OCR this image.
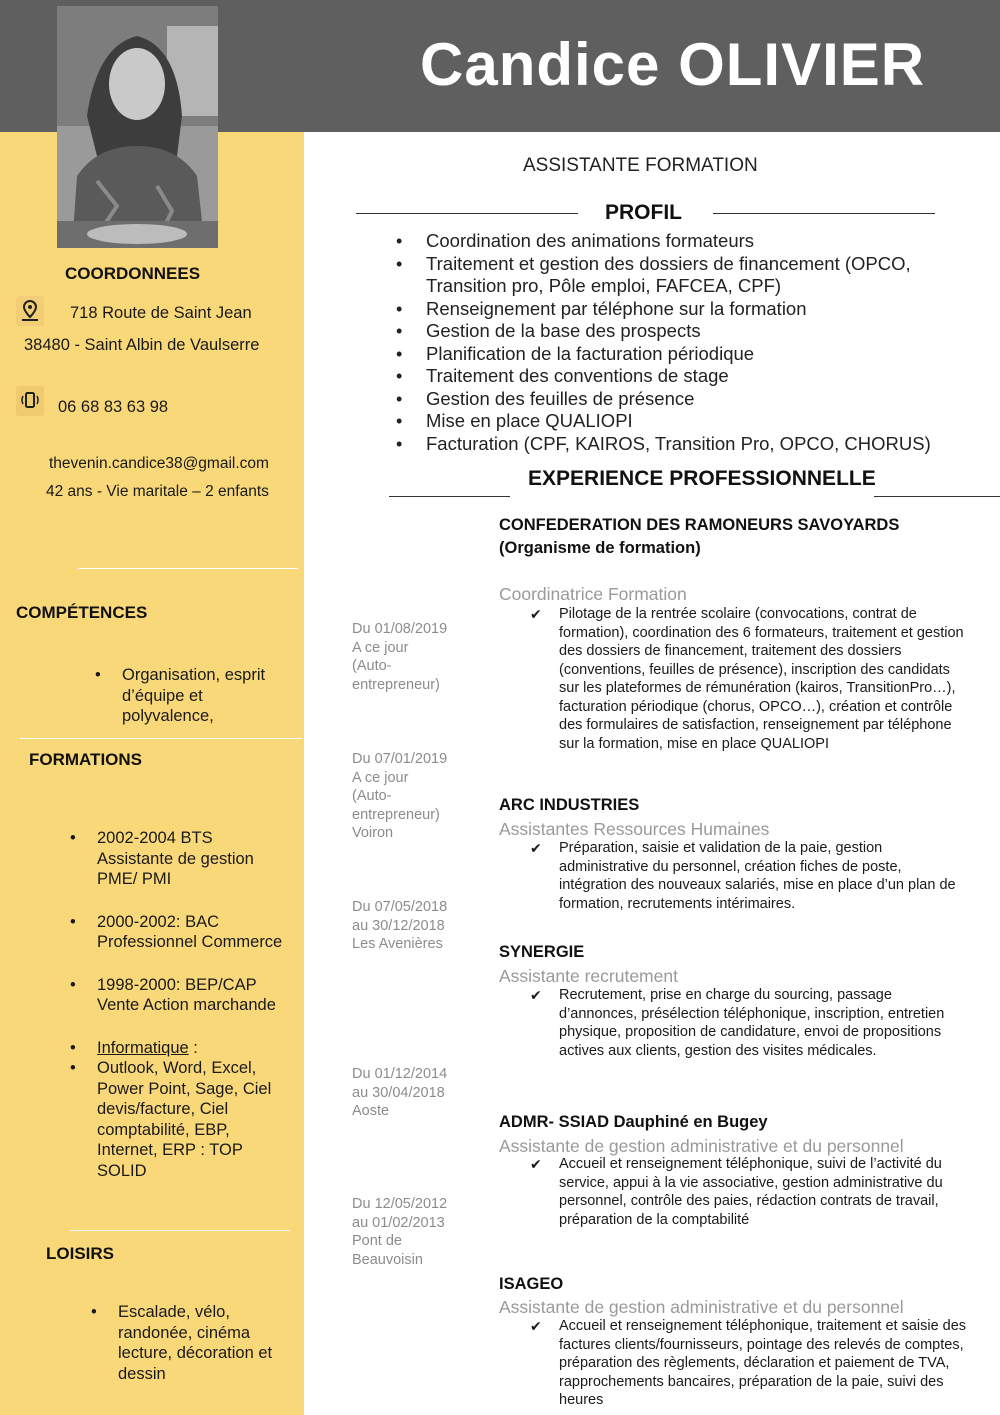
Candice OLIVIER
ASSISTANTE FORMATION
COORDONNEES
718 Route de Saint Jean
38480 - Saint Albin de Vaulserre
06 68 83 63 98
thevenin.candice38@gmail.com
42 ans - Vie maritale – 2 enfants
COMPÉTENCES
• Organisation, esprit d’équipe et polyvalence,
FORMATIONS
• 2002-2004 BTS Assistante de gestion PME/ PMI
• 2000-2002: BAC Professionnel Commerce
• 1998-2000: BEP/CAP Vente Action marchande
• Informatique :
• Outlook, Word, Excel, Power Point, Sage, Ciel devis/facture, Ciel comptabilité, EBP, Internet, ERP : TOP SOLID
LOISIRS
• Escalade, vélo, randonée, cinéma lecture, décoration et dessin
PROFIL
• Coordination des animations formateurs
• Traitement et gestion des dossiers de financement (OPCO, Transition pro, Pôle emploi, FAFCEA, CPF)
• Renseignement par téléphone sur la formation
• Gestion de la base des prospects
• Planification de la facturation périodique
• Traitement des conventions de stage
• Gestion des feuilles de présence
• Mise en place QUALIOPI
• Facturation (CPF, KAIROS, Transition Pro, OPCO, CHORUS)
EXPERIENCE PROFESSIONNELLE
Du 01/08/2019
A ce jour
(Auto-
entrepreneur)
Du 07/01/2019
A ce jour
(Auto-
entrepreneur)
Voiron
Du 07/05/2018
au 30/12/2018
Les Avenières
Du 01/12/2014
au 30/04/2018
Aoste
Du 12/05/2012
au 01/02/2013
Pont de
Beauvoisin
CONFEDERATION DES RAMONEURS SAVOYARDS
(Organisme de formation)
Coordinatrice Formation
✔ Pilotage de la rentrée scolaire (convocations, contrat de formation), coordination des 6 formateurs, traitement et gestion des dossiers de financement, traitement des dossiers (conventions, feuilles de présence), inscription des candidats sur les plateformes de rémunération (kairos, TransitionPro…), facturation périodique (chorus, OPCO…), création et contrôle des formulaires de satisfaction, renseignement par téléphone sur la formation, mise en place QUALIOPI
ARC INDUSTRIES
Assistantes Ressources Humaines
✔ Préparation, saisie et validation de la paie, gestion administrative du personnel, création fiches de poste, intégration des nouveaux salariés, mise en place d’un plan de formation, recrutements intérimaires.
SYNERGIE
Assistante recrutement
✔ Recrutement, prise en charge du sourcing, passage d’annonces, présélection téléphonique, inscription, entretien physique, proposition de candidature, envoi de propositions actives aux clients, gestion des visites médicales.
ADMR- SSIAD Dauphiné en Bugey
Assistante de gestion administrative et du personnel
✔ Accueil et renseignement téléphonique, suivi de l’activité du service, appui à la vie associative, gestion administrative du personnel, contrôle des paies, rédaction contrats de travail, préparation de la comptabilité
ISAGEO
Assistante de gestion administrative et du personnel
✔ Accueil et renseignement téléphonique, traitement et saisie des factures clients/fournisseurs, pointage des relevés de comptes, préparation des règlements, déclaration et paiement de TVA, rapprochements bancaires, préparation de la paie, suivi des heures
